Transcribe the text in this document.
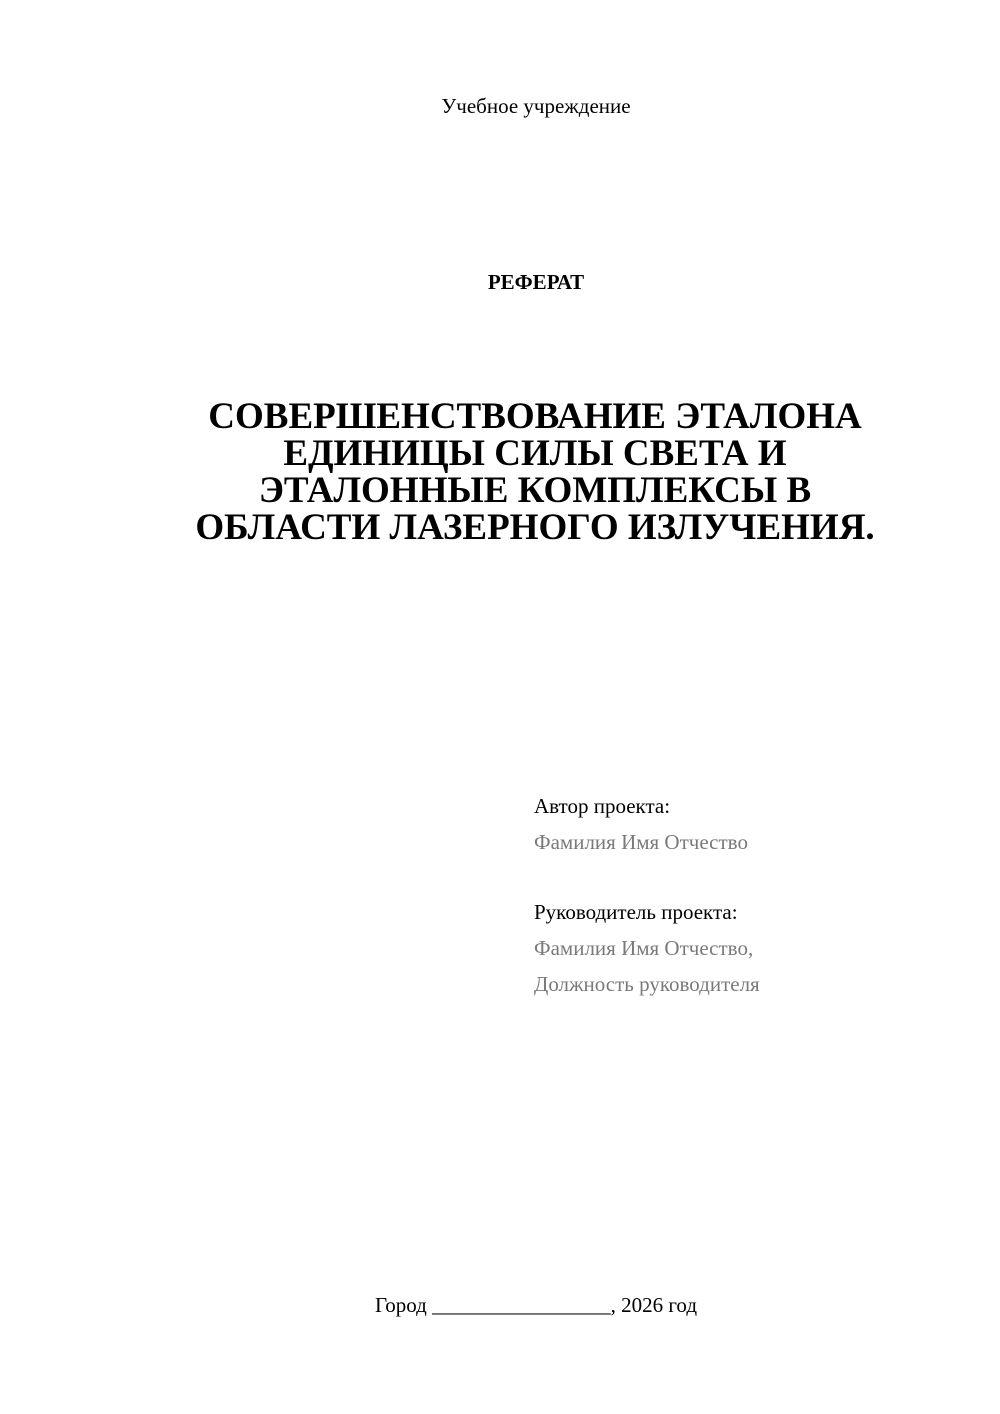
Учебное учреждение
РЕФЕРАТ
СОВЕРШЕНСТВОВАНИЕ ЭТАЛОНА
ЕДИНИЦЫ СИЛЫ СВЕТА И
ЭТАЛОННЫЕ КОМПЛЕКСЫ В
ОБЛАСТИ ЛАЗЕРНОГО ИЗЛУЧЕНИЯ.
Автор проекта:
Фамилия Имя Отчество
Руководитель проекта:
Фамилия Имя Отчество,
Должность руководителя
Город _________________, 2026 год
